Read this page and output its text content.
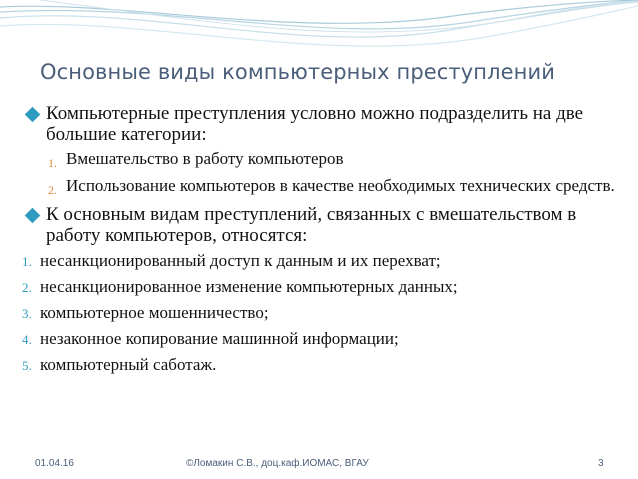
Основные виды компьютерных преступлений
Компьютерные преступления условно можно подразделить на две большие категории:
1. Вмешательство в работу компьютеров
2. Использование компьютеров в качестве необходимых технических средств.
К основным видам преступлений, связанных с вмешательством в работу компьютеров, относятся:
1. несанкционированный доступ к данным и их перехват;
2. несанкционированное изменение компьютерных данных;
3. компьютерное мошенничество;
4. незаконное копирование машинной информации;
5. компьютерный саботаж.
01.04.16	©Ломакин С.В., доц.каф.ИОМАС, ВГАУ	3
